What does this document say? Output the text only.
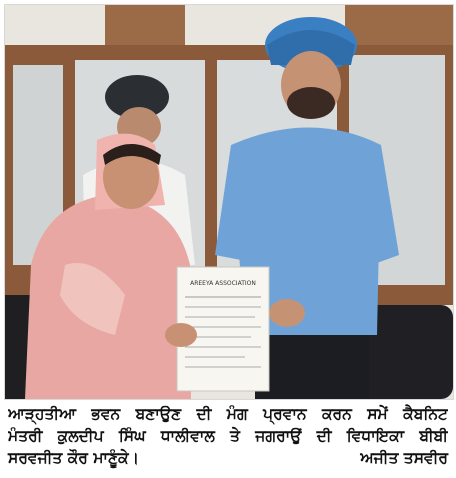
AREEYA ASSOCIATION
ਆੜ੍ਹਤੀਆ ਭਵਨ ਬਣਾਉਣ ਦੀ ਮੰਗ ਪ੍ਰਵਾਨ ਕਰਨ ਸਮੇਂ ਕੈਬਨਿਟ
ਮੰਤਰੀ ਕੁਲਦੀਪ ਸਿੰਘ ਧਾਲੀਵਾਲ ਤੇ ਜਗਰਾਉਂ ਦੀ ਵਿਧਾਇਕਾ ਬੀਬੀ
ਸਰਵਜੀਤ ਕੌਰ ਮਾਣੂੰਕੇ।	ਅਜੀਤ ਤਸਵੀਰ
